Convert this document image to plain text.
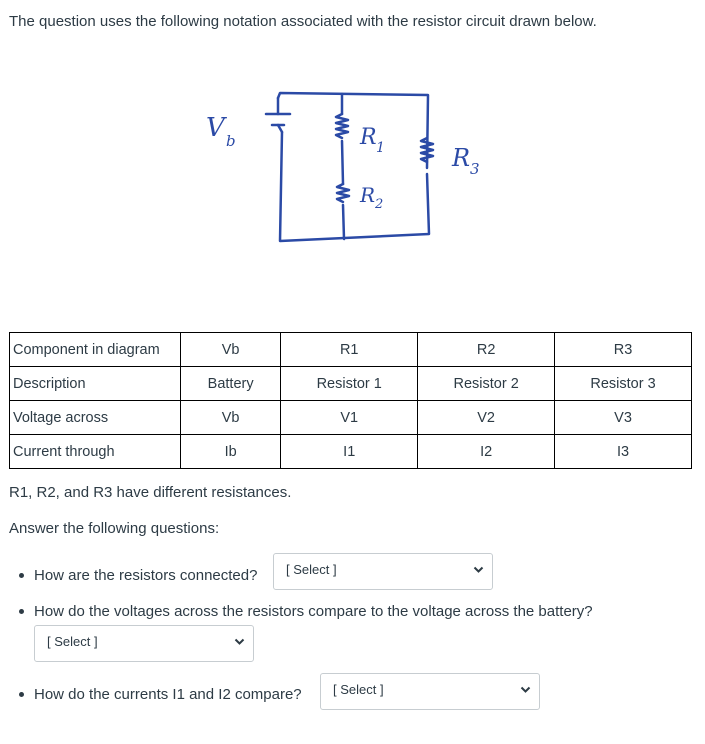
The question uses the following notation associated with the resistor circuit drawn below.
V b	R 1
R 2
R 3
Component in diagram	Vb	R1	R2	R3
Description	Battery	Resistor 1	Resistor 2	Resistor 3
Voltage across	Vb	V1	V2	V3
Current through	Ib	I1	I2	I3
R1, R2, and R3 have different resistances.
Answer the following questions:
How are the resistors connected? [ Select ]
How do the voltages across the resistors compare to the voltage across the battery?
[ Select ]
How do the currents I1 and I2 compare? [ Select ]
